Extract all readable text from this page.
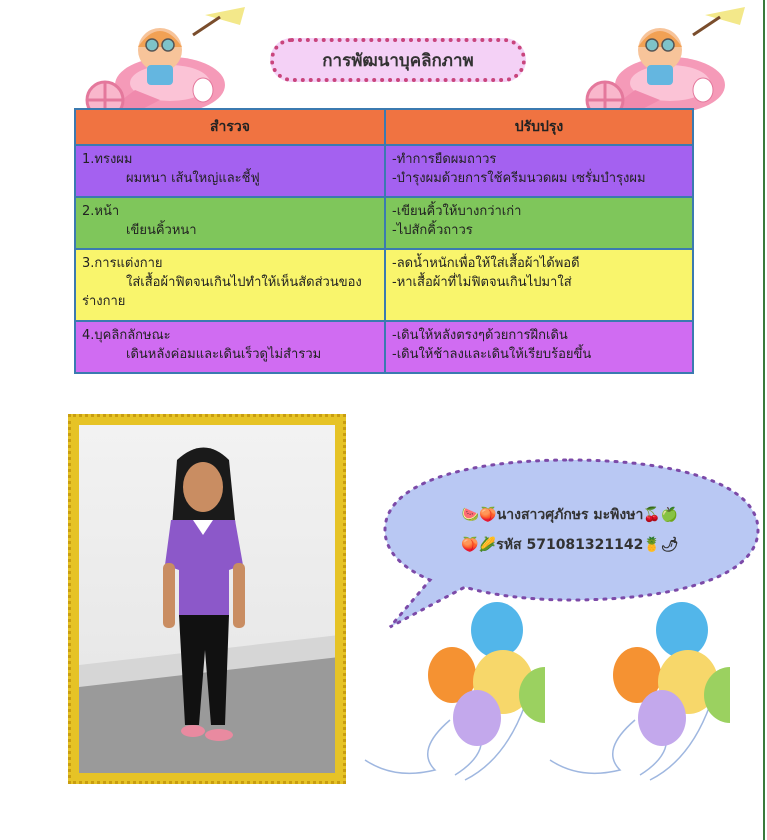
การพัฒนาบุคลิกภาพ
สำรวจ	ปรับปรุง
1.ทรงผม
ผมหนา เส้นใหญ่และชี้ฟู	-ทำการยืดผมถาวร
-บำรุงผมด้วยการใช้ครีมนวดผม เซรั่มบำรุงผม

2.หน้า
เขียนคิ้วหนา	-เขียนคิ้วให้บางกว่าเก่า
-ไปสักคิ้วถาวร

3.การแต่งกาย
ใส่เสื้อผ้าฟิตจนเกินไปทำให้เห็นสัดส่วนของ
ร่างกาย	-ลดน้ำหนักเพื่อให้ใส่เสื้อผ้าได้พอดี
-หาเสื้อผ้าที่ไม่ฟิตจนเกินไปมาใส่

4.บุคลิกลักษณะ
เดินหลังค่อมและเดินเร็วดูไม่สำรวม	-เดินให้หลังตรงๆด้วยการฝึกเดิน
-เดินให้ช้าลงและเดินให้เรียบร้อยขึ้น
🍉🍑นางสาวศุภักษร มะพิงษา🍒🍏
🍑🌽รหัส 571081321142🍍🌶
